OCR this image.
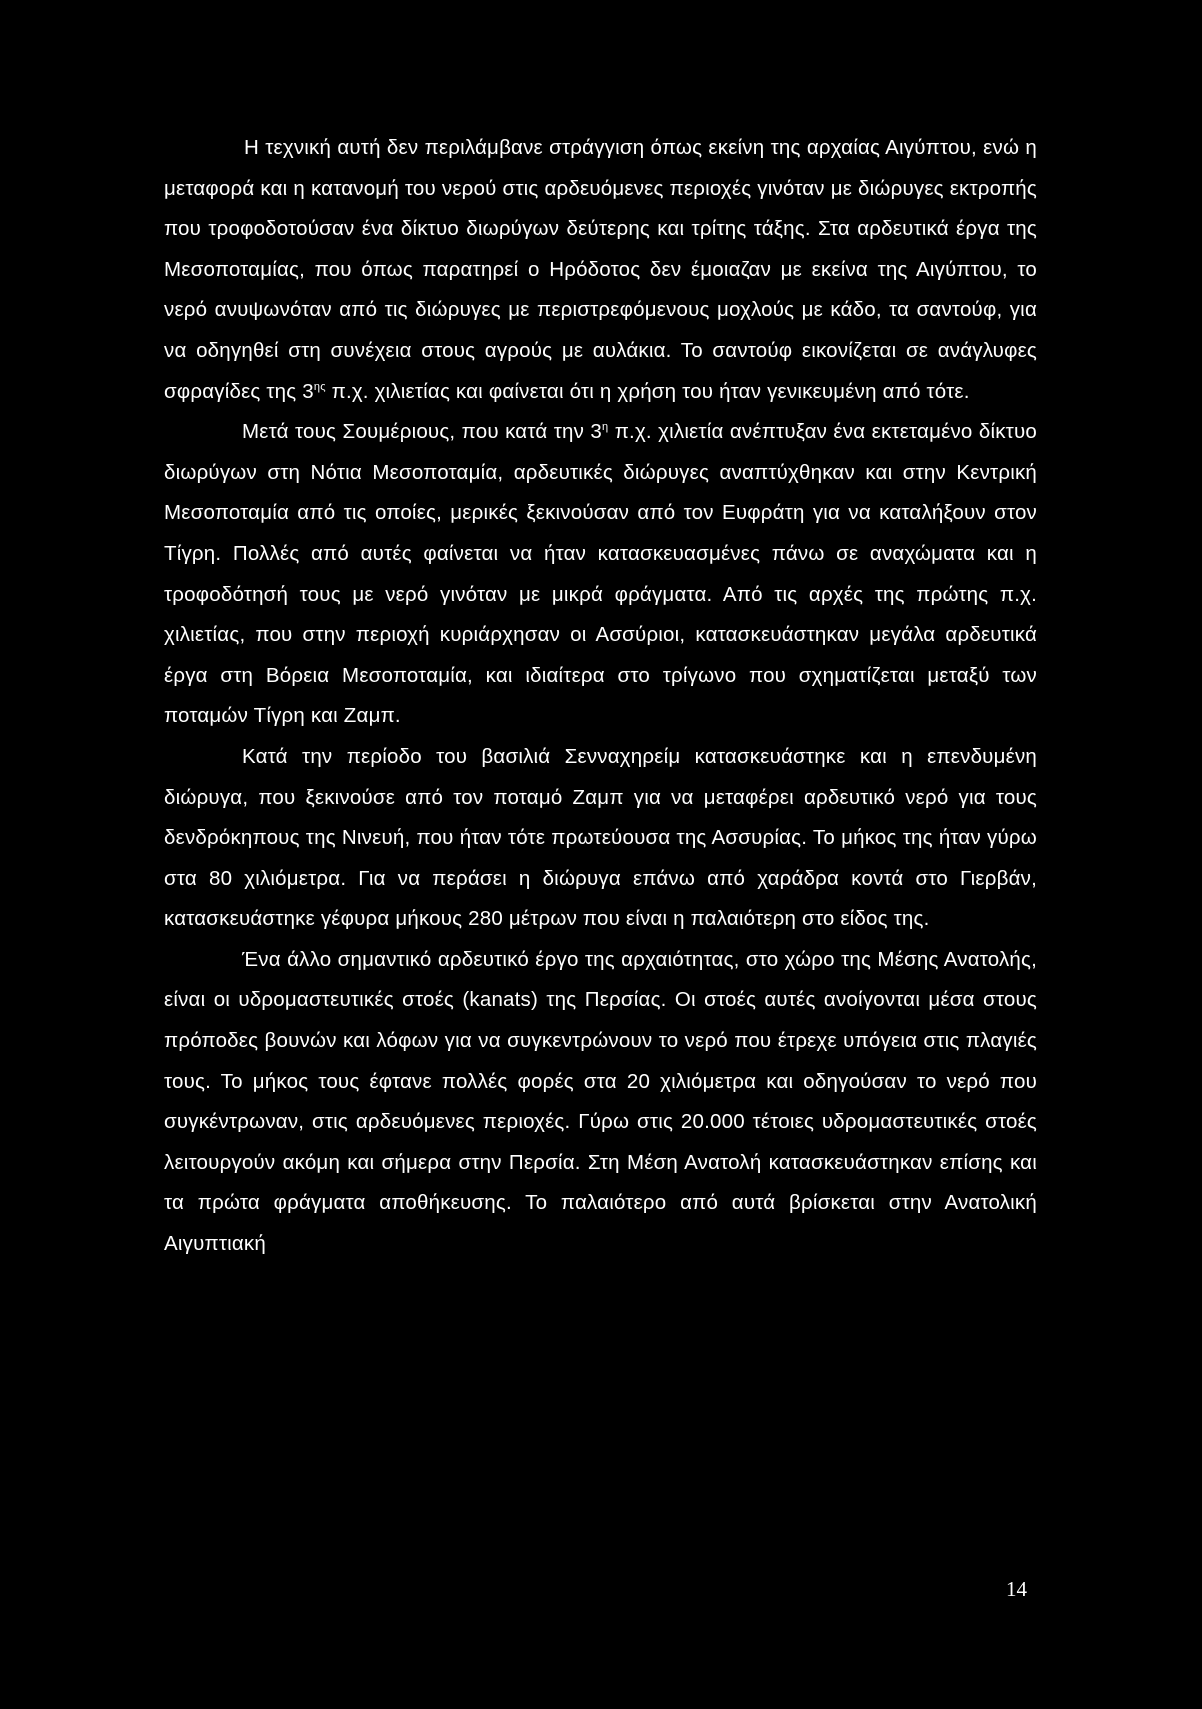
Η τεχνική αυτή δεν περιλάμβανε στράγγιση όπως εκείνη της αρχαίας Αιγύπτου, ενώ η μεταφορά και η κατανομή του νερού στις αρδευόμενες περιοχές γινόταν με διώρυγες εκτροπής που τροφοδοτούσαν ένα δίκτυο διωρύγων δεύτερης και τρίτης τάξης. Στα αρδευτικά έργα της Μεσοποταμίας, που όπως παρατηρεί ο Ηρόδοτος δεν έμοιαζαν με εκείνα της Αιγύπτου, το νερό ανυψωνόταν από τις διώρυγες με περιστρεφόμενους μοχλούς με κάδο, τα σαντούφ, για να οδηγηθεί στη συνέχεια στους αγρούς με αυλάκια. Το σαντούφ εικονίζεται σε ανάγλυφες σφραγίδες της $3^{\eta\varsigma}$ π.χ. χιλιετίας και φαίνεται ότι η χρήση του ήταν γενικευμένη από τότε.

Μετά τους Σουμέριους, που κατά την $3^\eta$ π.χ. χιλιετία ανέπτυξαν ένα εκτεταμένο δίκτυο διωρύγων στη Νότια Μεσοποταμία, αρδευτικές διώρυγες αναπτύχθηκαν και στην Κεντρική Μεσοποταμία από τις οποίες, μερικές ξεκινούσαν από τον Ευφράτη για να καταλήξουν στον Τίγρη. Πολλές από αυτές φαίνεται να ήταν κατασκευασμένες πάνω σε αναχώματα και η τροφοδότησή τους με νερό γινόταν με μικρά φράγματα. Από τις αρχές της πρώτης π.χ. χιλιετίας, που στην περιοχή κυριάρχησαν οι Ασσύριοι, κατασκευάστηκαν μεγάλα αρδευτικά έργα στη Βόρεια Μεσοποταμία, και ιδιαίτερα στο τρίγωνο που σχηματίζεται μεταξύ των ποταμών Τίγρη και Ζαμπ.

Κατά την περίοδο του βασιλιά Σενναχηρείμ κατασκευάστηκε και η επενδυμένη διώρυγα, που ξεκινούσε από τον ποταμό Ζαμπ για να μεταφέρει αρδευτικό νερό για τους δενδρόκηπους της Νινευή, που ήταν τότε πρωτεύουσα της Ασσυρίας. Το μήκος της ήταν γύρω στα 80 χιλιόμετρα. Για να περάσει η διώρυγα επάνω από χαράδρα κοντά στο Γιερβάν, κατασκευάστηκε γέφυρα μήκους 280 μέτρων που είναι η παλαιότερη στο είδος της.

Ένα άλλο σημαντικό αρδευτικό έργο της αρχαιότητας, στο χώρο της Μέσης Ανατολής, είναι οι υδρομαστευτικές στοές (kanats) της Περσίας. Οι στοές αυτές ανοίγονται μέσα στους πρόποδες βουνών και λόφων για να συγκεντρώνουν το νερό που έτρεχε υπόγεια στις πλαγιές τους. Το μήκος τους έφτανε πολλές φορές στα 20 χιλιόμετρα και οδηγούσαν το νερό που συγκέντρωναν, στις αρδευόμενες περιοχές. Γύρω στις 20.000 τέτοιες υδρομαστευτικές στοές λειτουργούν ακόμη και σήμερα στην Περσία. Στη Μέση Ανατολή κατασκευάστηκαν επίσης και τα πρώτα φράγματα αποθήκευσης. Το παλαιότερο από αυτά βρίσκεται στην Ανατολική Αιγυπτιακή

14
